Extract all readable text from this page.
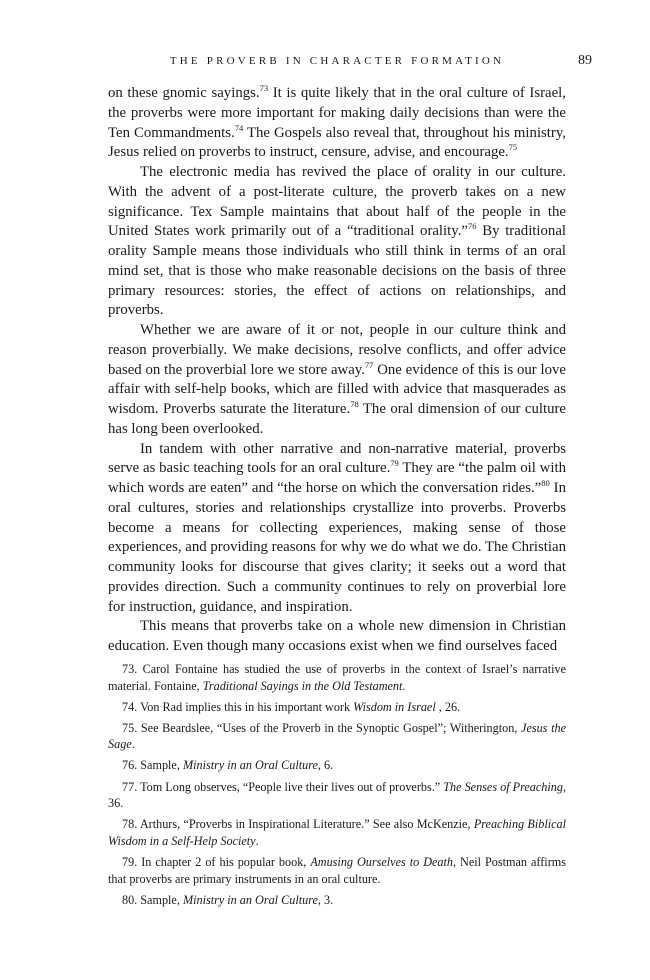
THE PROVERB IN CHARACTER FORMATION	89

on these gnomic sayings.$^{73}$ It is quite likely that in the oral culture of Israel, the proverbs were more important for making daily decisions than were the Ten Commandments.$^{74}$ The Gospels also reveal that, throughout his ministry, Jesus relied on proverbs to instruct, censure, advise, and encourage.$^{75}$

The electronic media has revived the place of orality in our culture. With the advent of a post-literate culture, the proverb takes on a new significance. Tex Sample maintains that about half of the people in the United States work primarily out of a “traditional orality.”$^{76}$ By traditional orality Sample means those individuals who still think in terms of an oral mind set, that is those who make reasonable decisions on the basis of three primary resources: stories, the effect of actions on relationships, and proverbs.

Whether we are aware of it or not, people in our culture think and reason proverbially. We make decisions, resolve conflicts, and offer advice based on the proverbial lore we store away.$^{77}$ One evidence of this is our love affair with self-help books, which are filled with advice that masquerades as wisdom. Proverbs saturate the literature.$^{78}$ The oral dimension of our culture has long been overlooked.

In tandem with other narrative and non-narrative material, proverbs serve as basic teaching tools for an oral culture.$^{79}$ They are “the palm oil with which words are eaten” and “the horse on which the conversation rides.”$^{80}$ In oral cultures, stories and relationships crystallize into proverbs. Proverbs become a means for collecting experiences, making sense of those experiences, and providing reasons for why we do what we do. The Christian community looks for discourse that gives clarity; it seeks out a word that provides direction. Such a community continues to rely on proverbial lore for instruction, guidance, and inspiration.

This means that proverbs take on a whole new dimension in Christian education. Even though many occasions exist when we find ourselves faced

73. Carol Fontaine has studied the use of proverbs in the context of Israel’s narrative material. Fontaine, Traditional Sayings in the Old Testament.

74. Von Rad implies this in his important work Wisdom in Israel , 26.

75. See Beardslee, “Uses of the Proverb in the Synoptic Gospel”; Witherington, Jesus the Sage.

76. Sample, Ministry in an Oral Culture, 6.

77. Tom Long observes, “People live their lives out of proverbs.” The Senses of Preaching, 36.

78. Arthurs, “Proverbs in Inspirational Literature.” See also McKenzie, Preaching Biblical Wisdom in a Self-Help Society.

79. In chapter 2 of his popular book, Amusing Ourselves to Death, Neil Postman affirms that proverbs are primary instruments in an oral culture.

80. Sample, Ministry in an Oral Culture, 3.
